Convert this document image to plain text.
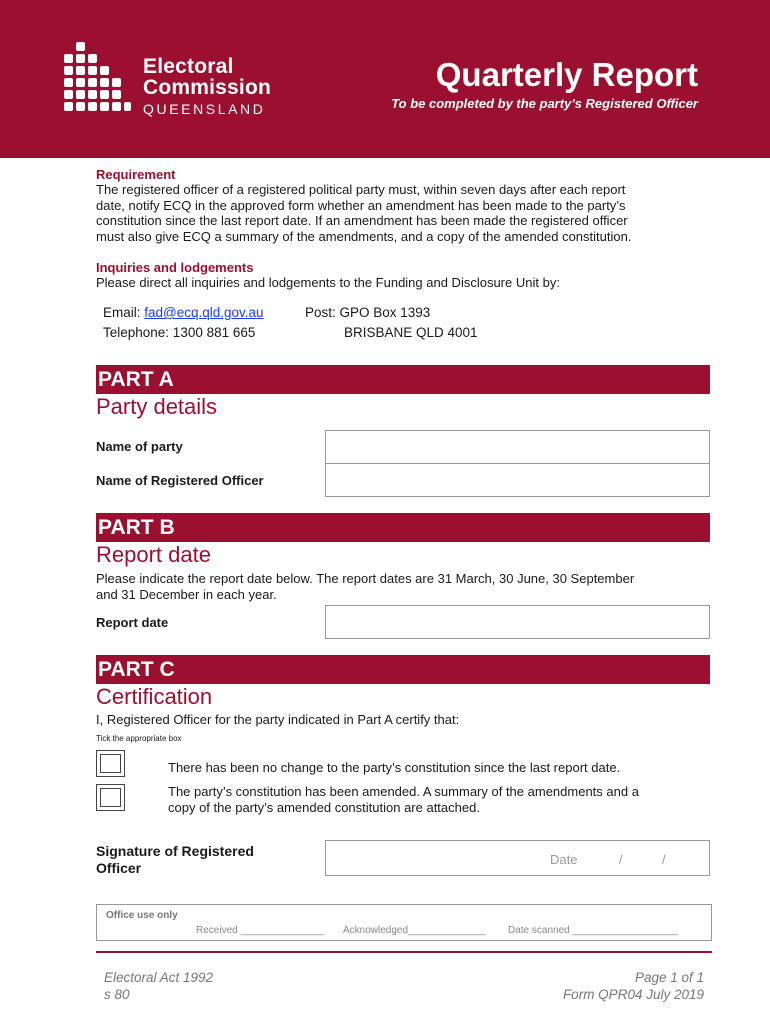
Electoral
Commission
QUEENSLAND
Quarterly Report
To be completed by the party’s Registered Officer
Requirement
The registered officer of a registered political party must, within seven days after each report
date, notify ECQ in the approved form whether an amendment has been made to the party’s
constitution since the last report date. If an amendment has been made the registered officer
must also give ECQ a summary of the amendments, and a copy of the amended constitution.
Inquiries and lodgements
Please direct all inquiries and lodgements to the Funding and Disclosure Unit by:
Email: fad@ecq.qld.gov.au
Telephone: 1300 881 665
Post: GPO Box 1393
BRISBANE QLD 4001
PART A
Party details
Name of party
Name of Registered Officer
PART B
Report date
Please indicate the report date below. The report dates are 31 March, 30 June, 30 September
and 31 December in each year.
Report date
PART C
Certification
I, Registered Officer for the party indicated in Part A certify that:
Tick the appropriate box
There has been no change to the party’s constitution since the last report date.
The party’s constitution has been amended. A summary of the amendments and a
copy of the party’s amended constitution are attached.
Signature of Registered
Officer
Date	/	/
Office use only
Received _______________ Acknowledged______________ Date scanned ___________________
Electoral Act 1992
s 80
Page 1 of 1
Form QPR04 July 2019
